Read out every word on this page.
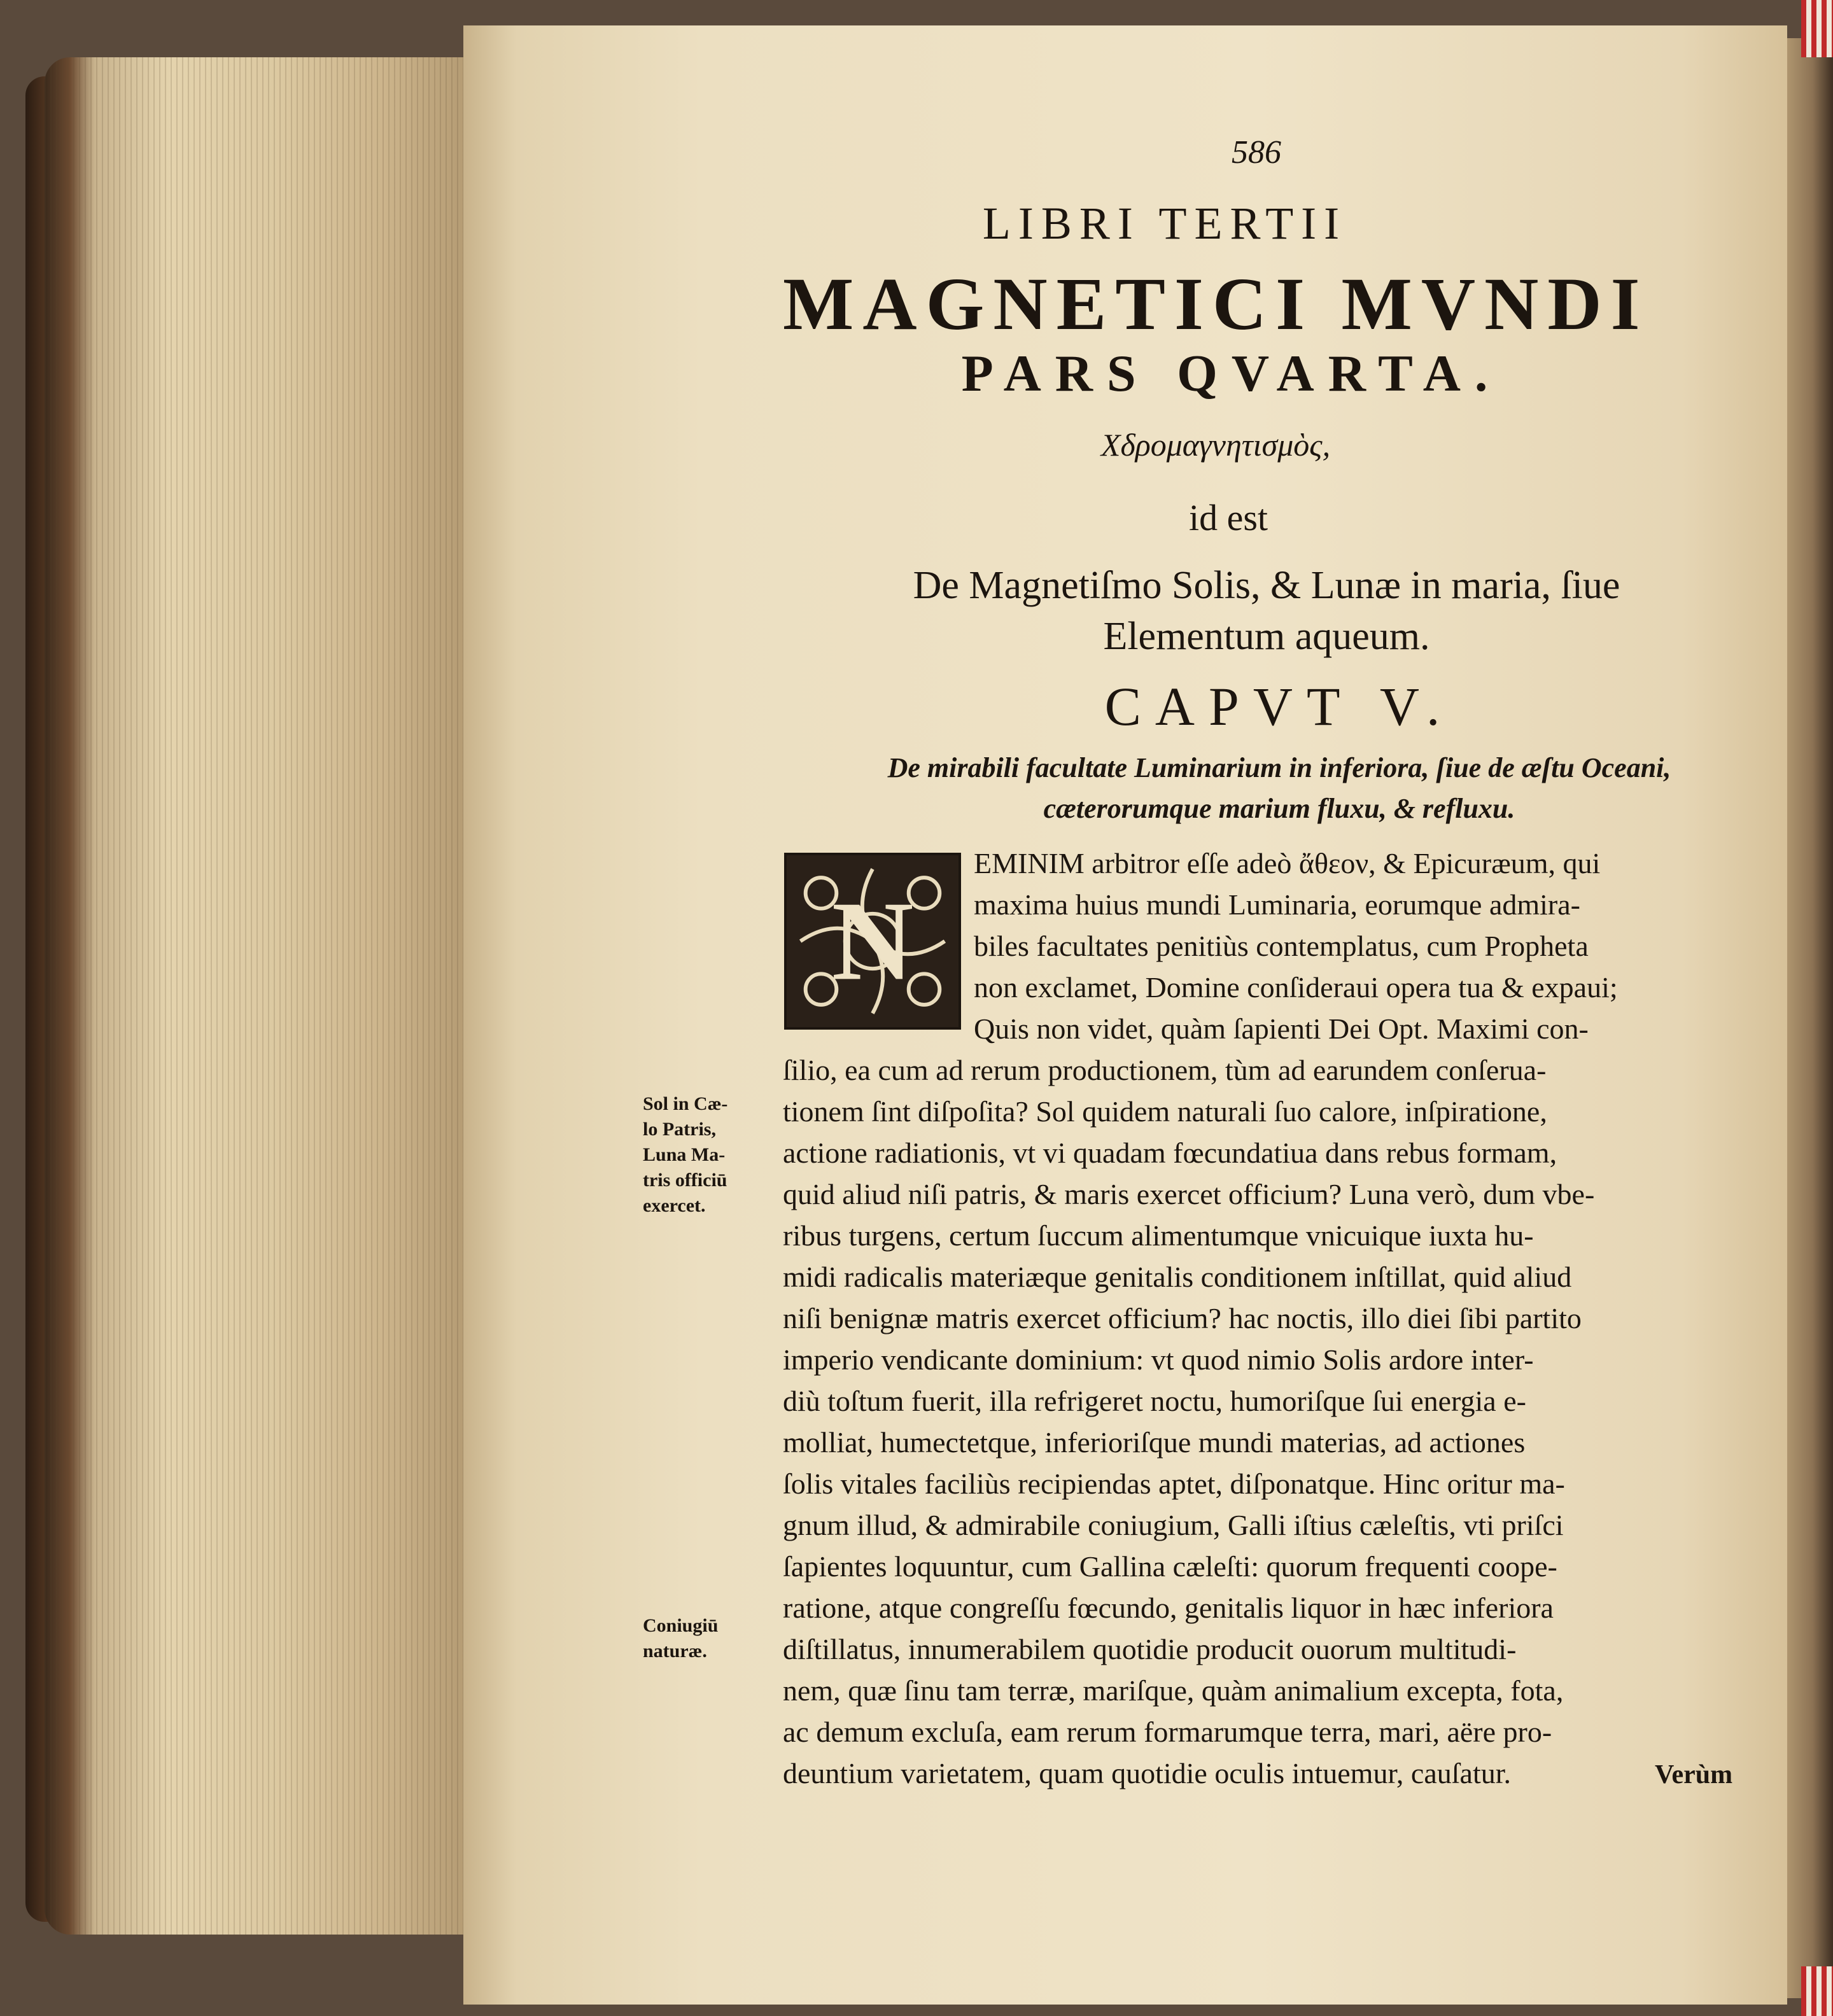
586
LIBRI TERTII
MAGNETICI MVNDI
PARS QVARTA.
Χδρομαγνητισμὸς,
id est
De Magnetiſmo Solis, & Lunæ in maria, ſiue
Elementum aqueum.
CAPVT V.
De mirabili facultate Luminarium in inferiora, ſiue de æſtu Oceani,
cæterorumque marium fluxu, & refluxu.
N
EMINIM arbitror eſſe adeò ἄθεον, & Epicuræum, qui
maxima huius mundi Luminaria, eorumque admira-
biles facultates penitiùs contemplatus, cum Propheta
non exclamet, Domine conſideraui opera tua & expaui;
Quis non videt, quàm ſapienti Dei Opt. Maximi con-
ſilio, ea cum ad rerum productionem, tùm ad earundem conſerua-
tionem ſint diſpoſita? Sol quidem naturali ſuo calore, inſpiratione,
actione radiationis, vt vi quadam fœcundatiua dans rebus formam,
quid aliud niſi patris, & maris exercet officium? Luna verò, dum vbe-
ribus turgens, certum ſuccum alimentumque vnicuique iuxta hu-
midi radicalis materiæque genitalis conditionem inſtillat, quid aliud
niſi benignæ matris exercet officium? hac noctis, illo diei ſibi partito
imperio vendicante dominium: vt quod nimio Solis ardore inter-
diù toſtum fuerit, illa refrigeret noctu, humoriſque ſui energia e-
molliat, humectetque, inferioriſque mundi materias, ad actiones
ſolis vitales faciliùs recipiendas aptet, diſponatque. Hinc oritur ma-
gnum illud, & admirabile coniugium, Galli iſtius cæleſtis, vti priſci
ſapientes loquuntur, cum Gallina cæleſti: quorum frequenti coope-
ratione, atque congreſſu fœcundo, genitalis liquor in hæc inferiora
diſtillatus, innumerabilem quotidie producit ouorum multitudi-
nem, quæ ſinu tam terræ, mariſque, quàm animalium excepta, fota,
ac demum excluſa, eam rerum formarumque terra, mari, aëre pro-
deuntium varietatem, quam quotidie oculis intuemur, cauſatur.	Verùm
Sol in Cæ-
lo Patris,
Luna Ma-
tris officiū
exercet.
Coniugiū
naturæ.
